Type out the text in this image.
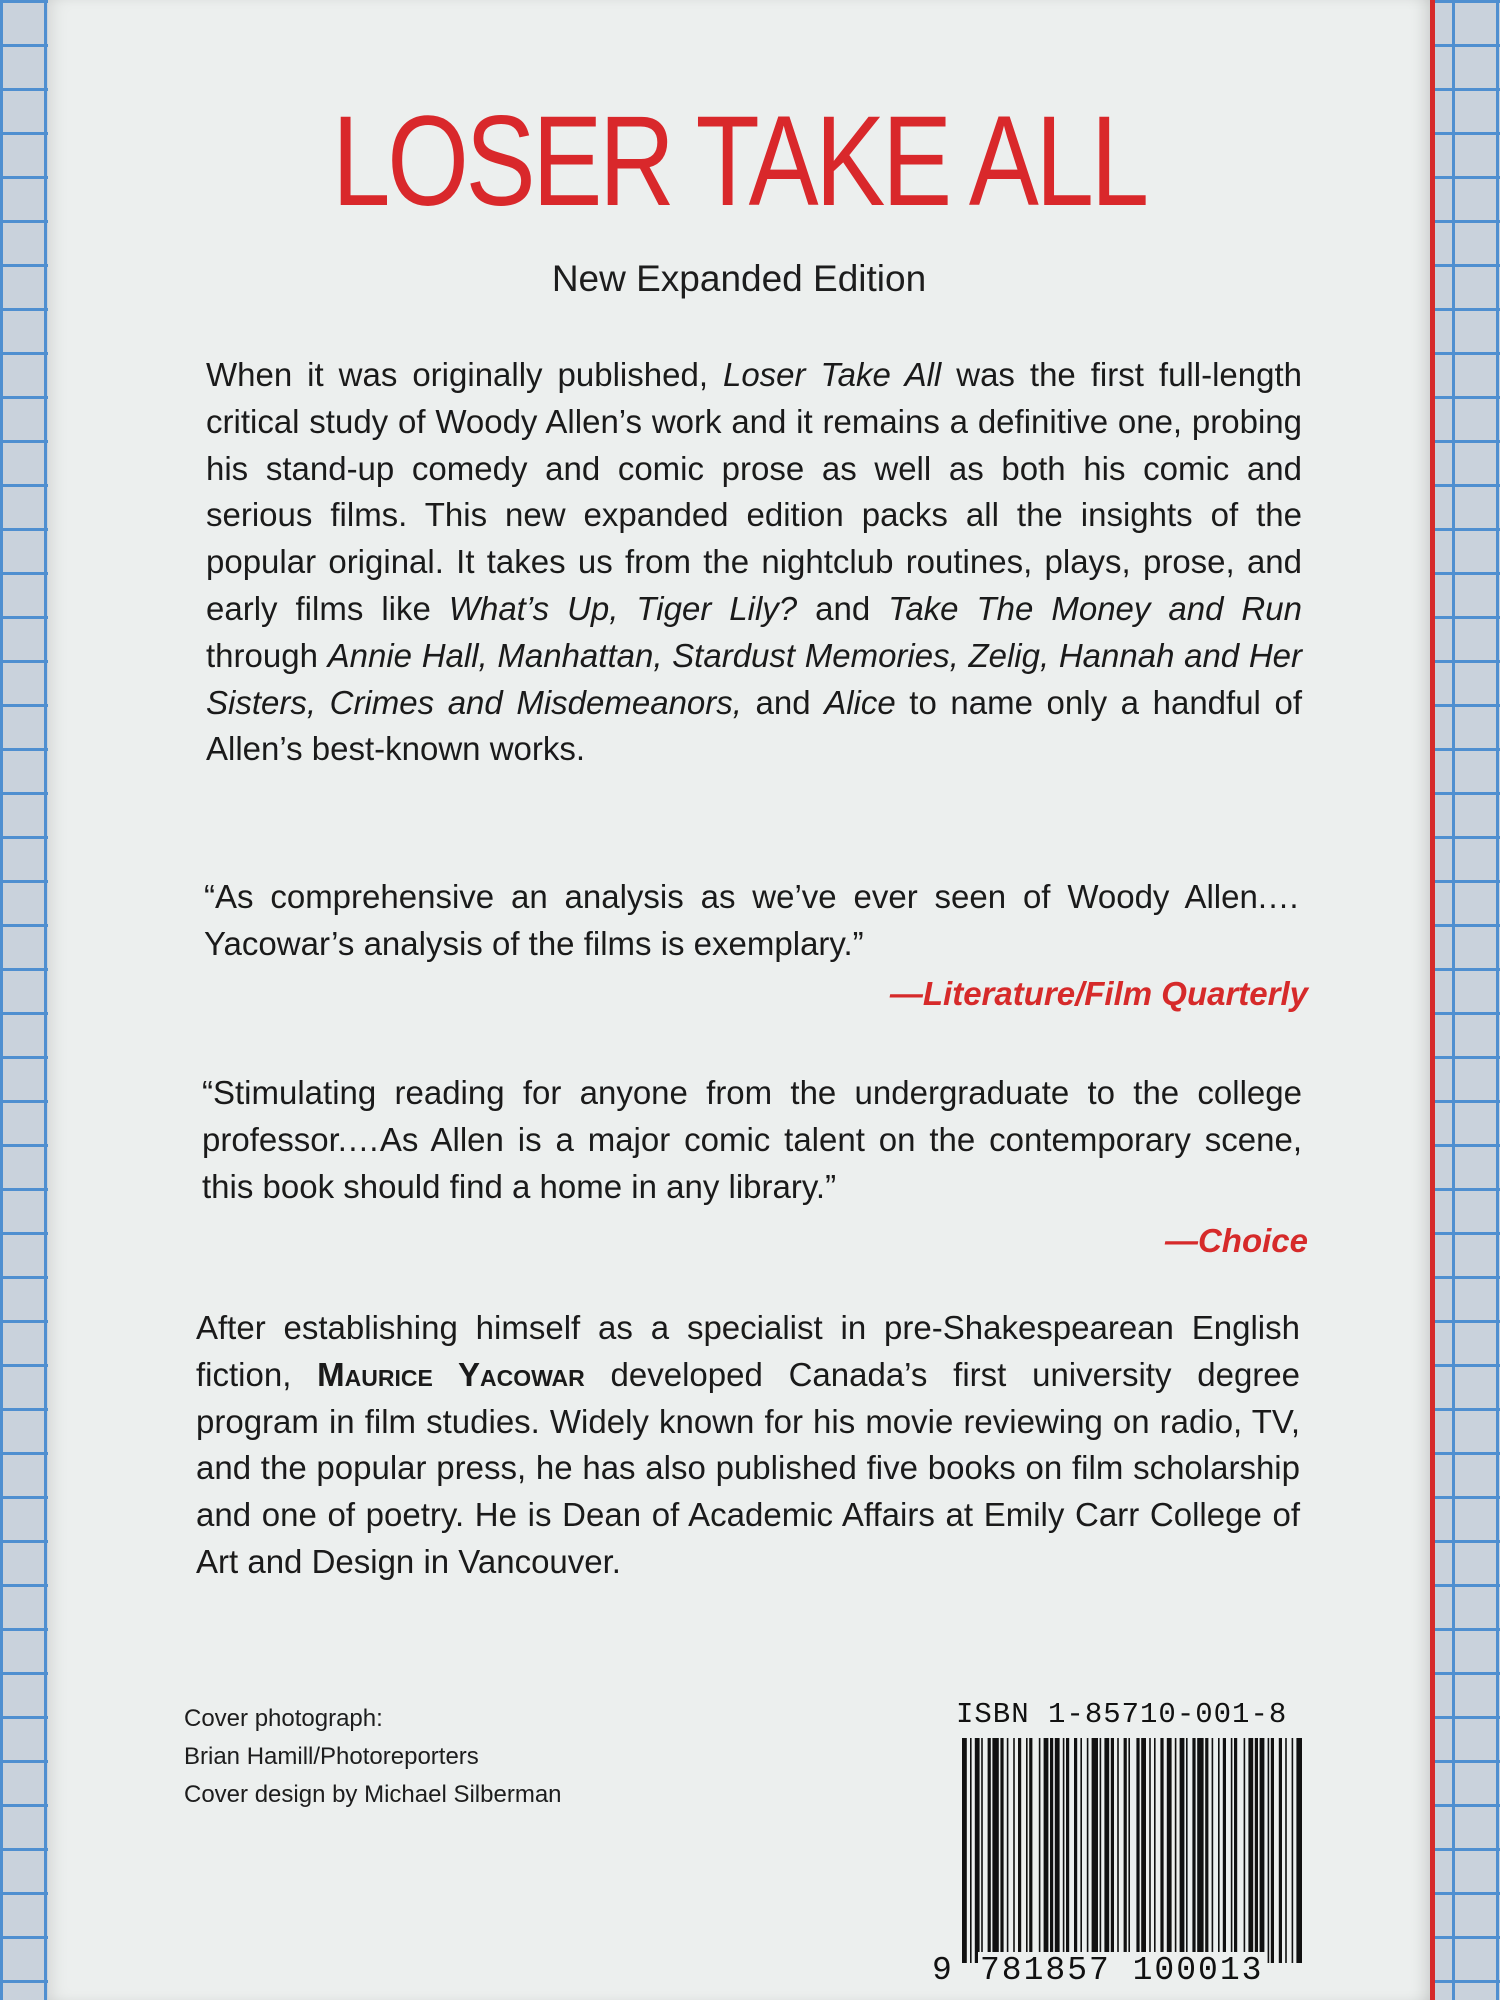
LOSER TAKE ALL
New Expanded Edition

When it was originally published, Loser Take All was the first full-length critical study of Woody Allen’s work and it remains a definitive one, probing his stand-up comedy and comic prose as well as both his comic and serious films. This new expanded edition packs all the insights of the popular original. It takes us from the nightclub routines, plays, prose, and early films like What’s Up, Tiger Lily? and Take The Money and Run through Annie Hall, Manhattan, Stardust Memories, Zelig, Hannah and Her Sisters, Crimes and Misdemeanors, and Alice to name only a handful of Allen’s best-known works.

“As comprehensive an analysis as we’ve ever seen of Woody Allen.…Yacowar’s analysis of the films is exemplary.”

—Literature/Film Quarterly

“Stimulating reading for anyone from the undergraduate to the college professor.…As Allen is a major comic talent on the contemporary scene, this book should find a home in any library.”

—Choice

After establishing himself as a specialist in pre-Shakespearean English fiction, Maurice Yacowar developed Canada’s first university degree program in film studies. Widely known for his movie reviewing on radio, TV, and the popular press, he has also published five books on film scholarship and one of poetry. He is Dean of Academic Affairs at Emily Carr College of Art and Design in Vancouver.

Cover photograph:
Brian Hamill/Photoreporters
Cover design by Michael Silberman
ISBN 1-85710-001-8
9 781857 100013
